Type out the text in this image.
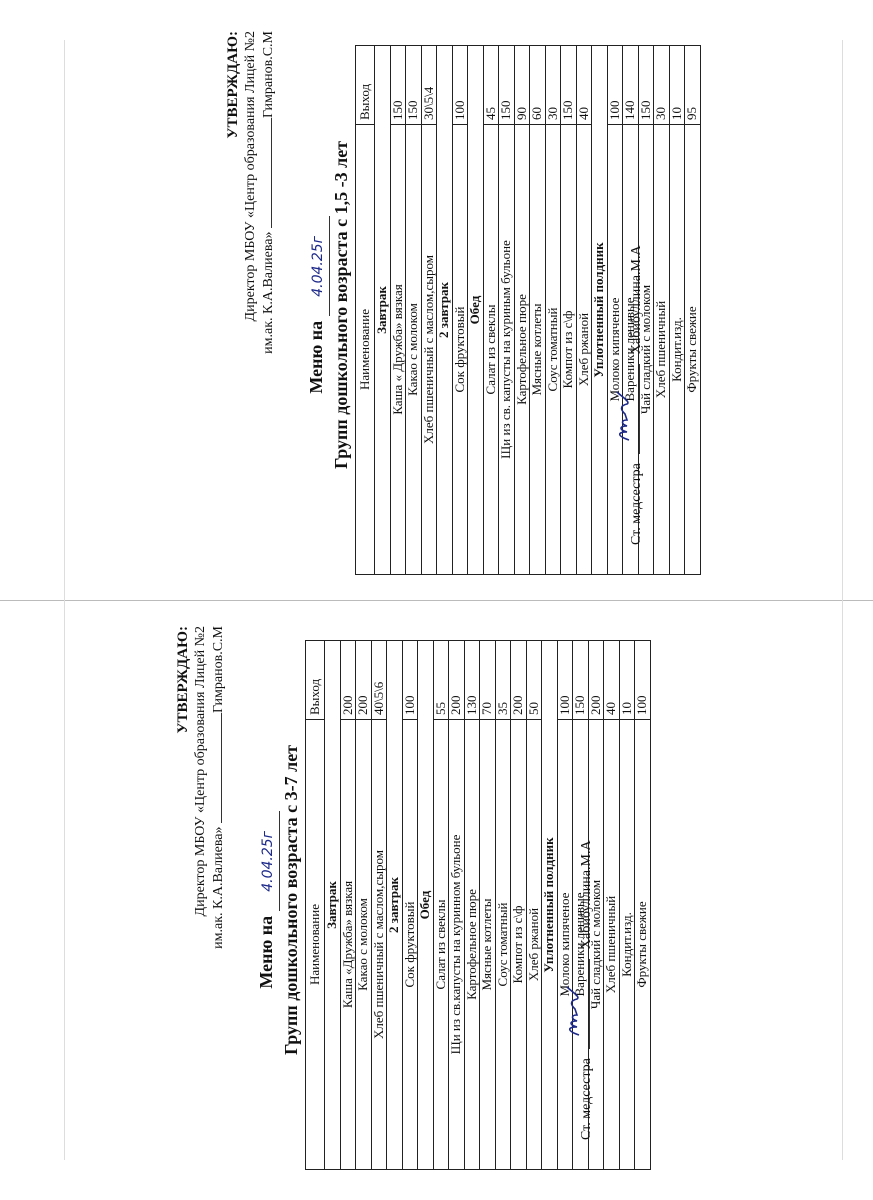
УТВЕРЖДАЮ: Директор МБОУ «Центр образования Лицей №2 им.ак. К.А.Валиева» Гимранов.С.М
Меню на 4.04.25г Групп дошкольного возраста с 3-7 лет Наименование	Выход
Завтрак	
Каша «Дружба» вязкая	200
Какао с молоком	200
Хлеб пшеничный с маслом,сыром	40\5\6
2 завтрак	
Сок фруктовый	100
Обед	
Салат из свеклы	55
Щи из св.капусты на куринном бульоне	200
Картофельное пюре	130
Мясные котлеты	70
Соус томатный	35
Компот из с\ф	200
Хлеб ржаной	50
Уплотненный полдник	
Молоко кипяченое	100
Вареники ленивые	150
Чай сладкий с молоком	200
Хлеб пшеничный	40
Кондит.изд.	10
Фрукты свежие	100
Ст. медсестра
Хабибуллина.М.А
УТВЕРЖДАЮ: Директор МБОУ «Центр образования Лицей №2 им.ак. К.А.Валиева» Гимранов.С.М
Меню на 4.04.25г Групп дошкольного возраста с 1,5 -3 лет Наименование	Выход
Завтрак	
Каша « Дружба» вязкая	150
Какао с молоком	150
Хлеб пшеничный с маслом,сыром	30\5\4
2 завтрак	
Сок фруктовый	100
Обед	
Салат из свеклы	45
Щи из св. капусты на куриным бульоне	150
Картофельное пюре	90
Мясные котлеты	60
Соус томатный	30
Компот из с\ф	150
Хлеб ржаной	40
Уплотненный полдник	
Молоко кипяченое	100
Вареники ленивые	140
Чай сладкий с молоком	150
Хлеб пшеничный	30
Кондит.изд.	10
Фрукты свежие	95
Ст. медсестра
Хабибуллина.М.А
